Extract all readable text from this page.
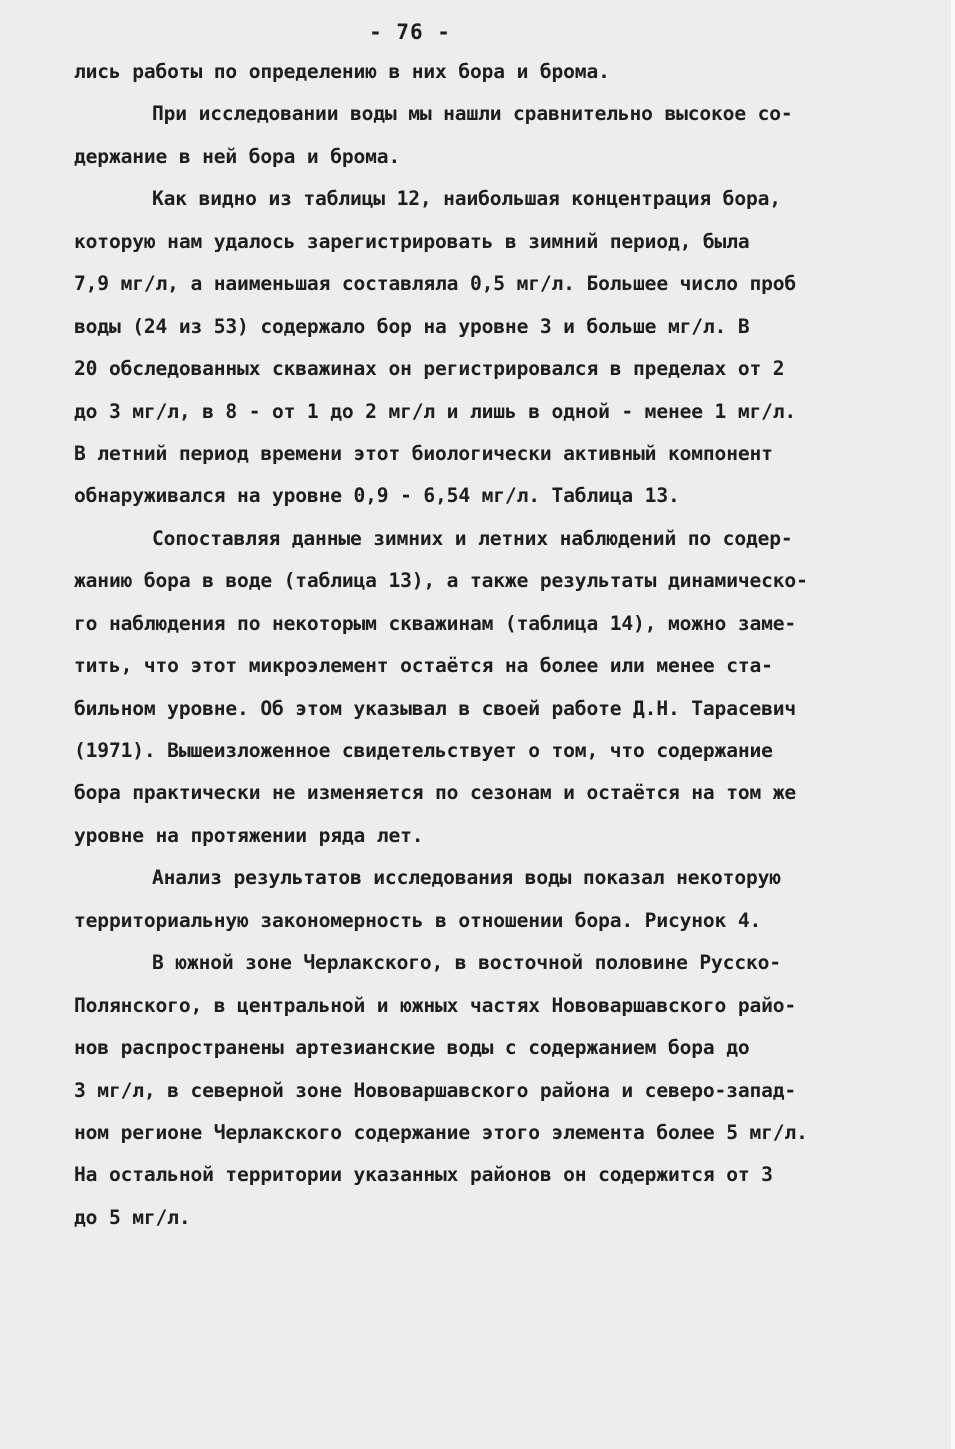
- 76 -
лись работы по определению в них бора и брома.
При исследовании воды мы нашли сравнительно высокое со-
держание в ней бора и брома.
Как видно из таблицы 12, наибольшая концентрация бора,
которую нам удалось зарегистрировать в зимний период, была
7,9 мг/л, а наименьшая составляла 0,5 мг/л. Большее число проб
воды (24 из 53) содержало бор на уровне 3 и больше мг/л. В
20 обследованных скважинах он регистрировался в пределах от 2
до 3 мг/л, в 8 - от 1 до 2 мг/л и лишь в одной - менее 1 мг/л.
В летний период времени этот биологически активный компонент
обнаруживался на уровне 0,9 - 6,54 мг/л. Таблица 13.
Сопоставляя данные зимних и летних наблюдений по содер-
жанию бора в воде (таблица 13), а также результаты динамическо-
го наблюдения по некоторым скважинам (таблица 14), можно заме-
тить, что этот микроэлемент остаётся на более или менее ста-
бильном уровне. Об этом указывал в своей работе Д.Н. Тарасевич
(1971). Вышеизложенное свидетельствует о том, что содержание
бора практически не изменяется по сезонам и остаётся на том же
уровне на протяжении ряда лет.
Анализ результатов исследования воды показал некоторую
территориальную закономерность в отношении бора. Рисунок 4.
В южной зоне Черлакского, в восточной половине Русско-
Полянского, в центральной и южных частях Нововаршавского райо-
нов распространены артезианские воды с содержанием бора до
3 мг/л, в северной зоне Нововаршавского района и северо-запад-
ном регионе Черлакского содержание этого элемента более 5 мг/л.
На остальной территории указанных районов он содержится от 3
до 5 мг/л.
